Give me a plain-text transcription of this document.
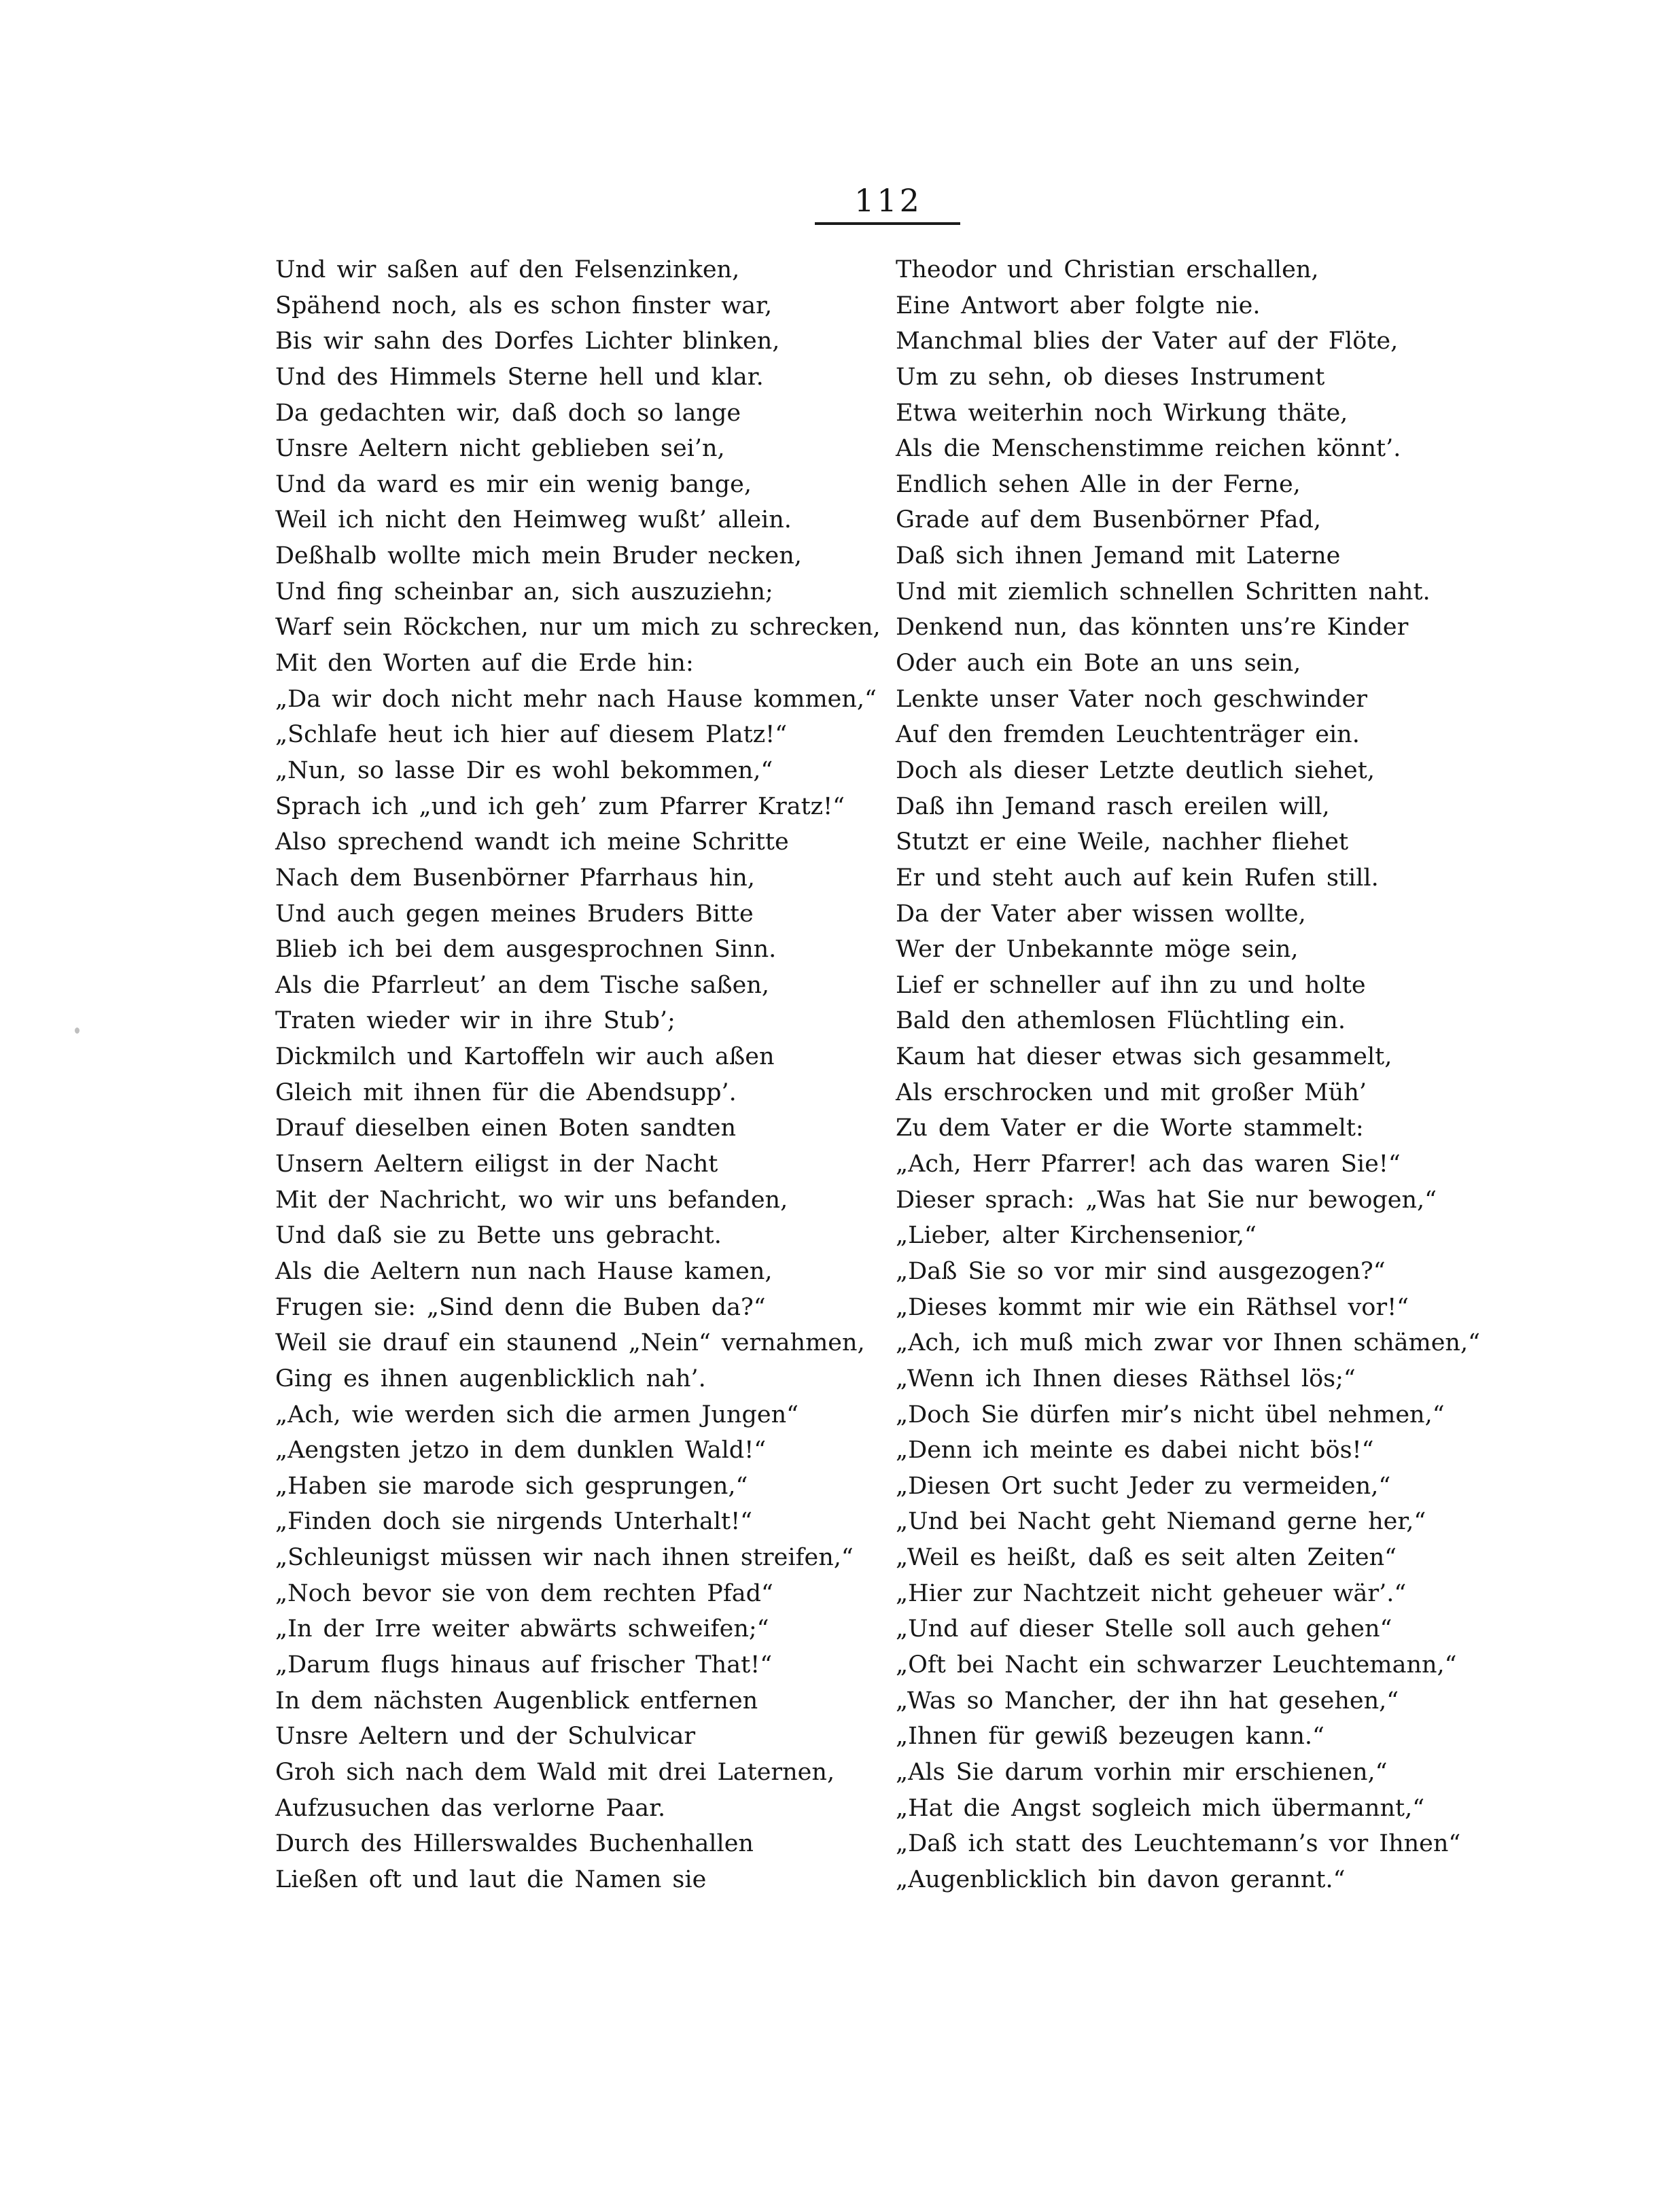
112
Und wir saßen auf den Felsenzinken,
Spähend noch, als es schon finster war,
Bis wir sahn des Dorfes Lichter blinken,
Und des Himmels Sterne hell und klar.
Da gedachten wir, daß doch so lange
Unsre Aeltern nicht geblieben sei’n,
Und da ward es mir ein wenig bange,
Weil ich nicht den Heimweg wußt’ allein.
Deßhalb wollte mich mein Bruder necken,
Und fing scheinbar an, sich auszuziehn;
Warf sein Röckchen, nur um mich zu schrecken,
Mit den Worten auf die Erde hin:
„Da wir doch nicht mehr nach Hause kommen,“
„Schlafe heut ich hier auf diesem Platz!“
„Nun, so lasse Dir es wohl bekommen,“
Sprach ich „und ich geh’ zum Pfarrer Kratz!“
Also sprechend wandt ich meine Schritte
Nach dem Busenbörner Pfarrhaus hin,
Und auch gegen meines Bruders Bitte
Blieb ich bei dem ausgesprochnen Sinn.
Als die Pfarrleut’ an dem Tische saßen,
Traten wieder wir in ihre Stub’;
Dickmilch und Kartoffeln wir auch aßen
Gleich mit ihnen für die Abendsupp’.
Drauf dieselben einen Boten sandten
Unsern Aeltern eiligst in der Nacht
Mit der Nachricht, wo wir uns befanden,
Und daß sie zu Bette uns gebracht.
Als die Aeltern nun nach Hause kamen,
Frugen sie: „Sind denn die Buben da?“
Weil sie drauf ein staunend „Nein“ vernahmen,
Ging es ihnen augenblicklich nah’.
„Ach, wie werden sich die armen Jungen“
„Aengsten jetzo in dem dunklen Wald!“
„Haben sie marode sich gesprungen,“
„Finden doch sie nirgends Unterhalt!“
„Schleunigst müssen wir nach ihnen streifen,“
„Noch bevor sie von dem rechten Pfad“
„In der Irre weiter abwärts schweifen;“
„Darum flugs hinaus auf frischer That!“
In dem nächsten Augenblick entfernen
Unsre Aeltern und der Schulvicar
Groh sich nach dem Wald mit drei Laternen,
Aufzusuchen das verlorne Paar.
Durch des Hillerswaldes Buchenhallen
Ließen oft und laut die Namen sie
Theodor und Christian erschallen,
Eine Antwort aber folgte nie.
Manchmal blies der Vater auf der Flöte,
Um zu sehn, ob dieses Instrument
Etwa weiterhin noch Wirkung thäte,
Als die Menschenstimme reichen könnt’.
Endlich sehen Alle in der Ferne,
Grade auf dem Busenbörner Pfad,
Daß sich ihnen Jemand mit Laterne
Und mit ziemlich schnellen Schritten naht.
Denkend nun, das könnten uns’re Kinder
Oder auch ein Bote an uns sein,
Lenkte unser Vater noch geschwinder
Auf den fremden Leuchtenträger ein.
Doch als dieser Letzte deutlich siehet,
Daß ihn Jemand rasch ereilen will,
Stutzt er eine Weile, nachher fliehet
Er und steht auch auf kein Rufen still.
Da der Vater aber wissen wollte,
Wer der Unbekannte möge sein,
Lief er schneller auf ihn zu und holte
Bald den athemlosen Flüchtling ein.
Kaum hat dieser etwas sich gesammelt,
Als erschrocken und mit großer Müh’
Zu dem Vater er die Worte stammelt:
„Ach, Herr Pfarrer! ach das waren Sie!“
Dieser sprach: „Was hat Sie nur bewogen,“
„Lieber, alter Kirchensenior,“
„Daß Sie so vor mir sind ausgezogen?“
„Dieses kommt mir wie ein Räthsel vor!“
„Ach, ich muß mich zwar vor Ihnen schämen,“
„Wenn ich Ihnen dieses Räthsel lös;“
„Doch Sie dürfen mir’s nicht übel nehmen,“
„Denn ich meinte es dabei nicht bös!“
„Diesen Ort sucht Jeder zu vermeiden,“
„Und bei Nacht geht Niemand gerne her,“
„Weil es heißt, daß es seit alten Zeiten“
„Hier zur Nachtzeit nicht geheuer wär’.“
„Und auf dieser Stelle soll auch gehen“
„Oft bei Nacht ein schwarzer Leuchtemann,“
„Was so Mancher, der ihn hat gesehen,“
„Ihnen für gewiß bezeugen kann.“
„Als Sie darum vorhin mir erschienen,“
„Hat die Angst sogleich mich übermannt,“
„Daß ich statt des Leuchtemann’s vor Ihnen“
„Augenblicklich bin davon gerannt.“
